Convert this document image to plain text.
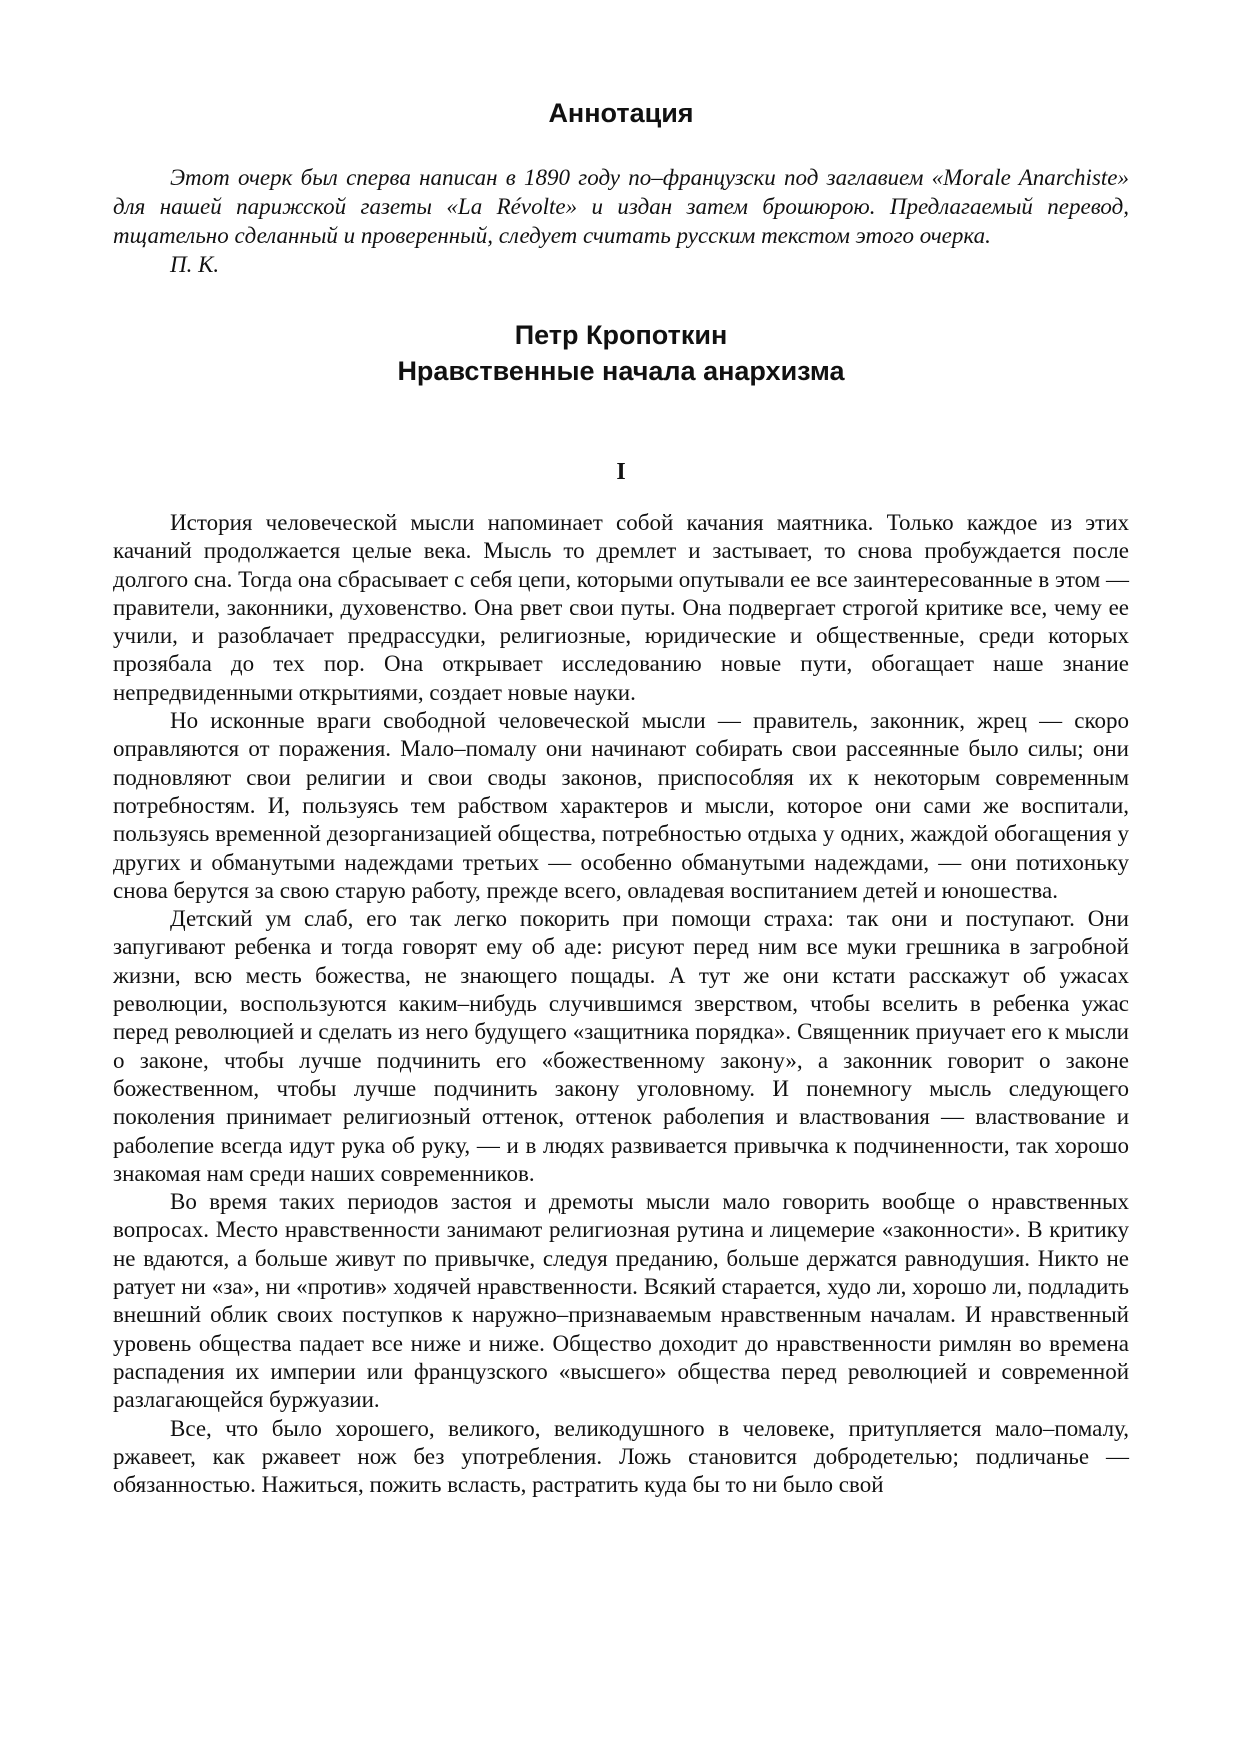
Аннотация

Этот очерк был сперва написан в 1890 году по–французски под заглавием «Morale Anarchiste» для нашей парижской газеты «La Révolte» и издан затем брошюрою. Предлагаемый перевод, тщательно сделанный и проверенный, следует считать русским текстом этого очерка.

П. К.

Петр Кропоткин
Нравственные начала анархизма
I

История человеческой мысли напоминает собой качания маятника. Только каждое из этих качаний продолжается целые века. Мысль то дремлет и застывает, то снова пробуждается после долгого сна. Тогда она сбрасывает с себя цепи, которыми опутывали ее все заинтересованные в этом — правители, законники, духовенство. Она рвет свои путы. Она подвергает строгой критике все, чему ее учили, и разоблачает предрассудки, религиозные, юридические и общественные, среди которых прозябала до тех пор. Она открывает исследованию новые пути, обогащает наше знание непредвиденными открытиями, создает новые науки.

Но исконные враги свободной человеческой мысли — правитель, законник, жрец — скоро оправляются от поражения. Мало–помалу они начинают собирать свои рассеянные было силы; они подновляют свои религии и свои своды законов, приспособляя их к некоторым современным потребностям. И, пользуясь тем рабством характеров и мысли, которое они сами же воспитали, пользуясь временной дезорганизацией общества, потребностью отдыха у одних, жаждой обогащения у других и обманутыми надеждами третьих — особенно обманутыми надеждами, — они потихоньку снова берутся за свою старую работу, прежде всего, овладевая воспитанием детей и юношества.

Детский ум слаб, его так легко покорить при помощи страха: так они и поступают. Они запугивают ребенка и тогда говорят ему об аде: рисуют перед ним все муки грешника в загробной жизни, всю месть божества, не знающего пощады. А тут же они кстати расскажут об ужасах революции, воспользуются каким–нибудь случившимся зверством, чтобы вселить в ребенка ужас перед революцией и сделать из него будущего «защитника порядка». Священник приучает его к мысли о законе, чтобы лучше подчинить его «божественному закону», а законник говорит о законе божественном, чтобы лучше подчинить закону уголовному. И понемногу мысль следующего поколения принимает религиозный оттенок, оттенок раболепия и властвования — властвование и раболепие всегда идут рука об руку, — и в людях развивается привычка к подчиненности, так хорошо знакомая нам среди наших современников.

Во время таких периодов застоя и дремоты мысли мало говорить вообще о нравственных вопросах. Место нравственности занимают религиозная рутина и лицемерие «законности». В критику не вдаются, а больше живут по привычке, следуя преданию, больше держатся равнодушия. Никто не ратует ни «за», ни «против» ходячей нравственности. Всякий старается, худо ли, хорошо ли, подладить внешний облик своих поступков к наружно–признаваемым нравственным началам. И нравственный уровень общества падает все ниже и ниже. Общество доходит до нравственности римлян во времена распадения их империи или французского «высшего» общества перед революцией и современной разлагающейся буржуазии.

Все, что было хорошего, великого, великодушного в человеке, притупляется мало–помалу, ржавеет, как ржавеет нож без употребления. Ложь становится добродетелью; подличанье — обязанностью. Нажиться, пожить всласть, растратить куда бы то ни было свой
